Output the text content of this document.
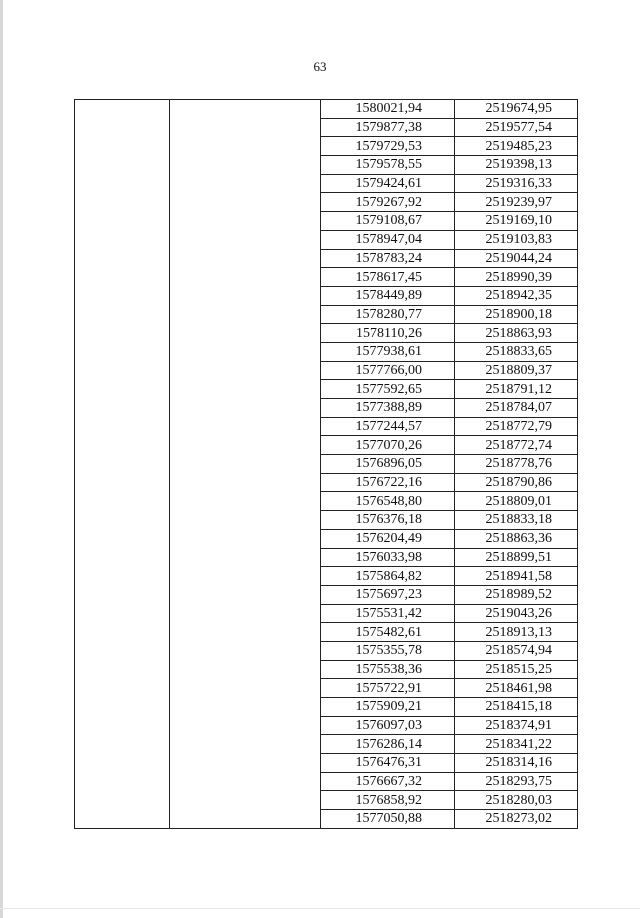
63
		1580021,94	2519674,95
		1579877,38	2519577,54
		1579729,53	2519485,23
		1579578,55	2519398,13
		1579424,61	2519316,33
		1579267,92	2519239,97
		1579108,67	2519169,10
		1578947,04	2519103,83
		1578783,24	2519044,24
		1578617,45	2518990,39
		1578449,89	2518942,35
		1578280,77	2518900,18
		1578110,26	2518863,93
		1577938,61	2518833,65
		1577766,00	2518809,37
		1577592,65	2518791,12
		1577388,89	2518784,07
		1577244,57	2518772,79
		1577070,26	2518772,74
		1576896,05	2518778,76
		1576722,16	2518790,86
		1576548,80	2518809,01
		1576376,18	2518833,18
		1576204,49	2518863,36
		1576033,98	2518899,51
		1575864,82	2518941,58
		1575697,23	2518989,52
		1575531,42	2519043,26
		1575482,61	2518913,13
		1575355,78	2518574,94
		1575538,36	2518515,25
		1575722,91	2518461,98
		1575909,21	2518415,18
		1576097,03	2518374,91
		1576286,14	2518341,22
		1576476,31	2518314,16
		1576667,32	2518293,75
		1576858,92	2518280,03
		1577050,88	2518273,02
